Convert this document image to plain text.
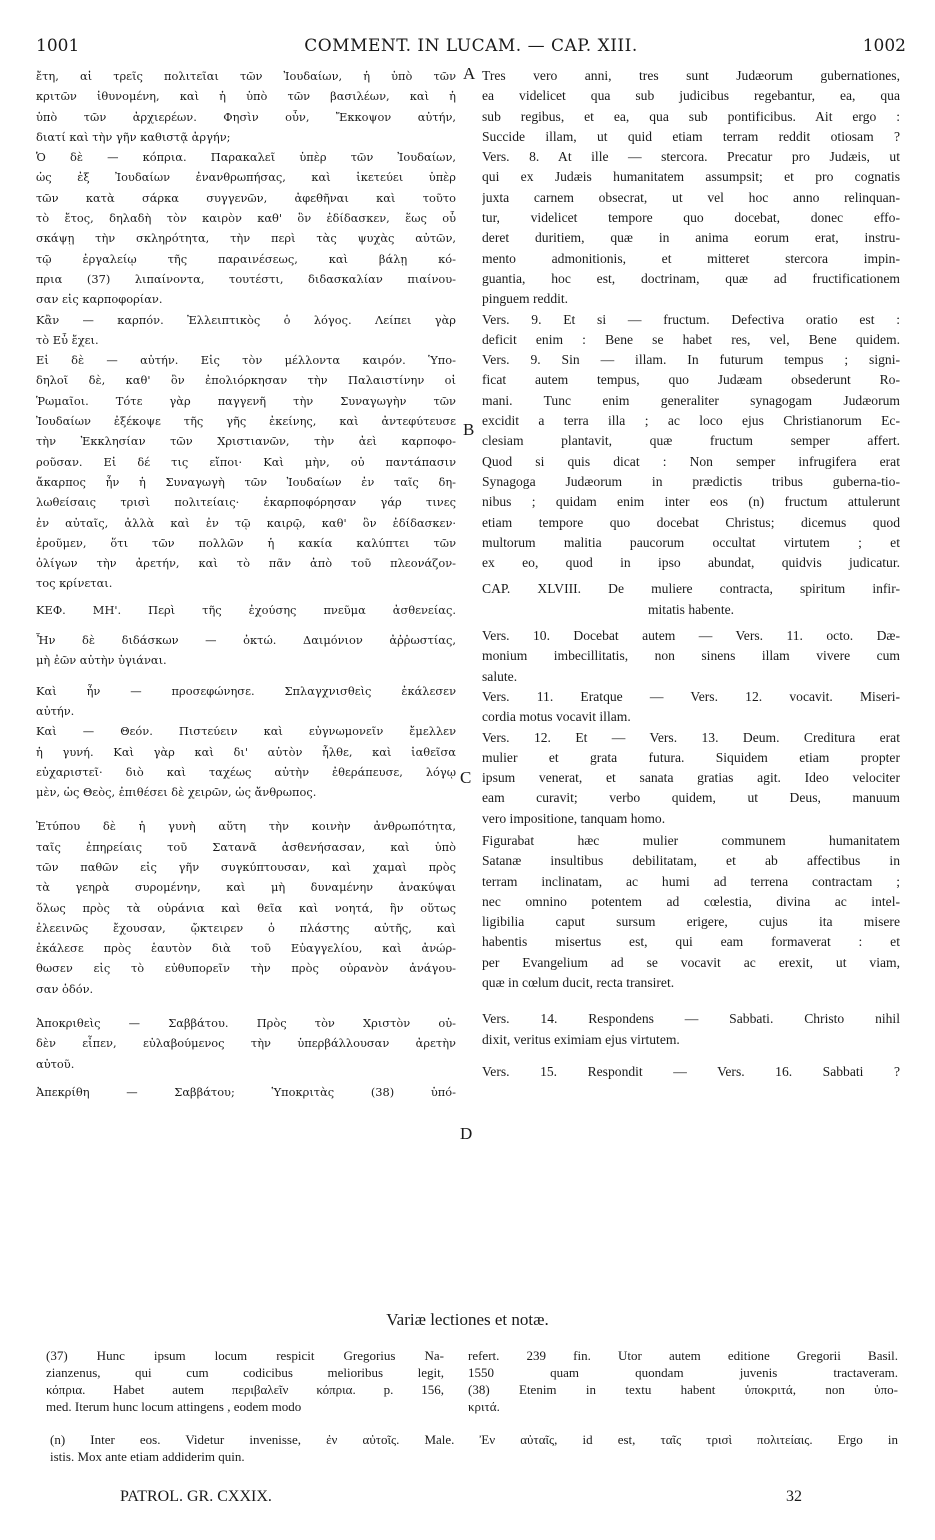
1001	COMMENT. IN LUCAM. — CAP. XIII.	1002
ἔτη, αἱ τρεῖς πολιτεῖαι τῶν Ἰουδαίων, ἡ ὑπὸ τῶν
κριτῶν ἰθυνομένη, καὶ ἡ ὑπὸ τῶν βασιλέων, καὶ ἡ
ὑπὸ τῶν ἀρχιερέων. Φησὶν οὖν, Ἔκκοψον αὐτήν,
διατί καὶ τὴν γῆν καθιστᾷ ἀργήν;
Ὁ δὲ — κόπρια. Παρακαλεῖ ὑπὲρ τῶν Ἰουδαίων,
ὡς ἐξ Ἰουδαίων ἐνανθρωπήσας, καὶ ἱκετεύει ὑπὲρ
τῶν κατὰ σάρκα συγγενῶν, ἀφεθῆναι καὶ τοῦτο
τὸ ἔτος, δηλαδὴ τὸν καιρὸν καθ' ὃν ἐδίδασκεν, ἕως οὗ
σκάψῃ τὴν σκληρότητα, τὴν περὶ τὰς ψυχὰς αὐτῶν,
τῷ ἐργαλείῳ τῆς παραινέσεως, καὶ βάλῃ κό-
πρια (37) λιπαίνοντα, τουτέστι, διδασκαλίαν πιαίνου-
σαν εἰς καρποφορίαν.
Κἂν — καρπόν. Ἐλλειπτικὸς ὁ λόγος. Λείπει γὰρ
τὸ Εὖ ἔχει.
Εἰ δὲ — αὐτήν. Εἰς τὸν μέλλοντα καιρόν. Ὑπο-
δηλοῖ δὲ, καθ' ὃν ἐπολιόρκησαν τὴν Παλαιστίνην οἱ
Ῥωμαῖοι. Τότε γὰρ παγγενῆ τὴν Συναγωγὴν τῶν
Ἰουδαίων ἐξέκοψε τῆς γῆς ἐκείνης, καὶ ἀντεφύτευσε
τὴν Ἐκκλησίαν τῶν Χριστιανῶν, τὴν ἀεὶ καρποφο-
ροῦσαν. Εἰ δέ τις εἴποι· Καὶ μὴν, οὐ παντάπασιν
ἄκαρπος ἦν ἡ Συναγωγὴ τῶν Ἰουδαίων ἐν ταῖς δη-
λωθείσαις τρισὶ πολιτείαις· ἐκαρποφόρησαν γάρ τινες
ἐν αὐταῖς, ἀλλὰ καὶ ἐν τῷ καιρῷ, καθ' ὃν ἐδίδασκεν·
ἐροῦμεν, ὅτι τῶν πολλῶν ἡ κακία καλύπτει τῶν
ὀλίγων τὴν ἀρετήν, καὶ τὸ πᾶν ἀπὸ τοῦ πλεονάζον-
τος κρίνεται.
ΚΕΦ. ΜΗ'. Περὶ τῆς ἐχούσης πνεῦμα ἀσθενείας.
Ἦν δὲ διδάσκων — ὀκτώ. Δαιμόνιον ἀῤῥωστίας,
μὴ ἐῶν αὐτὴν ὑγιάναι.
Καὶ ἦν — προσεφώνησε. Σπλαγχνισθεὶς ἐκάλεσεν
αὐτήν.
Καὶ — Θεόν. Πιστεύειν καὶ εὐγνωμονεῖν ἔμελλεν
ἡ γυνή. Καὶ γὰρ καὶ δι' αὐτὸν ἦλθε, καὶ ἰαθεῖσα
εὐχαριστεῖ· διὸ καὶ ταχέως αὐτὴν ἐθεράπευσε, λόγῳ
μὲν, ὡς Θεὸς, ἐπιθέσει δὲ χειρῶν, ὡς ἄνθρωπος.
Ἐτύπου δὲ ἡ γυνὴ αὕτη τὴν κοινὴν ἀνθρωπότητα,
ταῖς ἐπηρείαις τοῦ Σατανᾶ ἀσθενήσασαν, καὶ ὑπὸ
τῶν παθῶν εἰς γῆν συγκύπτουσαν, καὶ χαμαὶ πρὸς
τὰ γεηρὰ συρομένην, καὶ μὴ δυναμένην ἀνακύψαι
ὅλως πρὸς τὰ οὐράνια καὶ θεῖα καὶ νοητά, ἣν οὕτως
ἐλεεινῶς ἔχουσαν, ᾤκτειρεν ὁ πλάστης αὐτῆς, καὶ
ἐκάλεσε πρὸς ἑαυτὸν διὰ τοῦ Εὐαγγελίου, καὶ ἀνώρ-
θωσεν εἰς τὸ εὐθυπορεῖν τὴν πρὸς οὐρανὸν ἀνάγου-
σαν ὁδόν.
Ἀποκριθεὶς — Σαββάτου. Πρὸς τὸν Χριστὸν οὐ-
δὲν εἶπεν, εὐλαβούμενος τὴν ὑπερβάλλουσαν ἀρετὴν
αὐτοῦ.
Ἀπεκρίθη — Σαββάτου; Ὑποκριτὰς (38) ὑπό-
Tres vero anni, tres sunt Judæorum gubernationes,
ea videlicet qua sub judicibus regebantur, ea, qua
sub regibus, et ea, qua sub pontificibus. Ait ergo :
Succide illam, ut quid etiam terram reddit otiosam ?
Vers. 8. At ille — stercora. Precatur pro Judæis, ut
qui ex Judæis humanitatem assumpsit; et pro cognatis
juxta carnem obsecrat, ut vel hoc anno relinquan-
tur, videlicet tempore quo docebat, donec effo-
deret duritiem, quæ in anima eorum erat, instru-
mento admonitionis, et mitteret stercora impin-
guantia, hoc est, doctrinam, quæ ad fructificationem
pinguem reddit.
Vers. 9. Et si — fructum. Defectiva oratio est :
deficit enim : Bene se habet res, vel, Bene quidem.
Vers. 9. Sin — illam. In futurum tempus ; signi-
ficat autem tempus, quo Judæam obsederunt Ro-
mani. Tunc enim generaliter synagogam Judæorum
excidit a terra illa ; ac loco ejus Christianorum Ec-
clesiam plantavit, quæ fructum semper affert.
Quod si quis dicat : Non semper infrugifera erat
Synagoga Judæorum in prædictis tribus guberna-tio-
nibus ; quidam enim inter eos (n) fructum attulerunt
etiam tempore quo docebat Christus; dicemus quod
multorum malitia paucorum occultat virtutem ; et
ex eo, quod in ipso abundat, quidvis judicatur.
CAP. XLVIII. De muliere contracta, spiritum infir-
mitatis habente.
Vers. 10. Docebat autem — Vers. 11. octo. Dæ-
monium imbecillitatis, non sinens illam vivere cum
salute.
Vers. 11. Eratque — Vers. 12. vocavit. Miseri-
cordia motus vocavit illam.
Vers. 12. Et — Vers. 13. Deum. Creditura erat
mulier et grata futura. Siquidem etiam propter
ipsum venerat, et sanata gratias agit. Ideo velociter
eam curavit; verbo quidem, ut Deus, manuum
vero impositione, tanquam homo.
Figurabat hæc mulier communem humanitatem
Satanæ insultibus debilitatam, et ab affectibus in
terram inclinatam, ac humi ad terrena contractam ;
nec omnino potentem ad cœlestia, divina ac intel-
ligibilia caput sursum erigere, cujus ita misere
habentis misertus est, qui eam formaverat : et
per Evangelium ad se vocavit ac erexit, ut viam,
quæ in cœlum ducit, recta transiret.
Vers. 14. Respondens — Sabbati. Christo nihil
dixit, veritus eximiam ejus virtutem.
Vers. 15. Respondit — Vers. 16. Sabbati ?
A
B
C
D
Variæ lectiones et notæ.
(37) Hunc ipsum locum respicit Gregorius Na-
zianzenus, qui cum codicibus melioribus legit,
κόπρια. Habet autem περιβαλεῖν κόπρια. p. 156,
med. Iterum hunc locum attingens , eodem modo
refert. 239 fin. Utor autem editione Gregorii Basil.
1550 quam quondam juvenis tractaveram.
(38) Etenim in textu habent ὑποκριτά, non ὑπο-
κριτά.
(n) Inter eos. Videtur invenisse, ἐν αὐτοῖς. Male. Ἐν αὐταῖς, id est, ταῖς τρισὶ πολιτείαις. Ergo in
istis. Mox ante etiam addiderim quin.
PATROL. GR. CXXIX.	32
